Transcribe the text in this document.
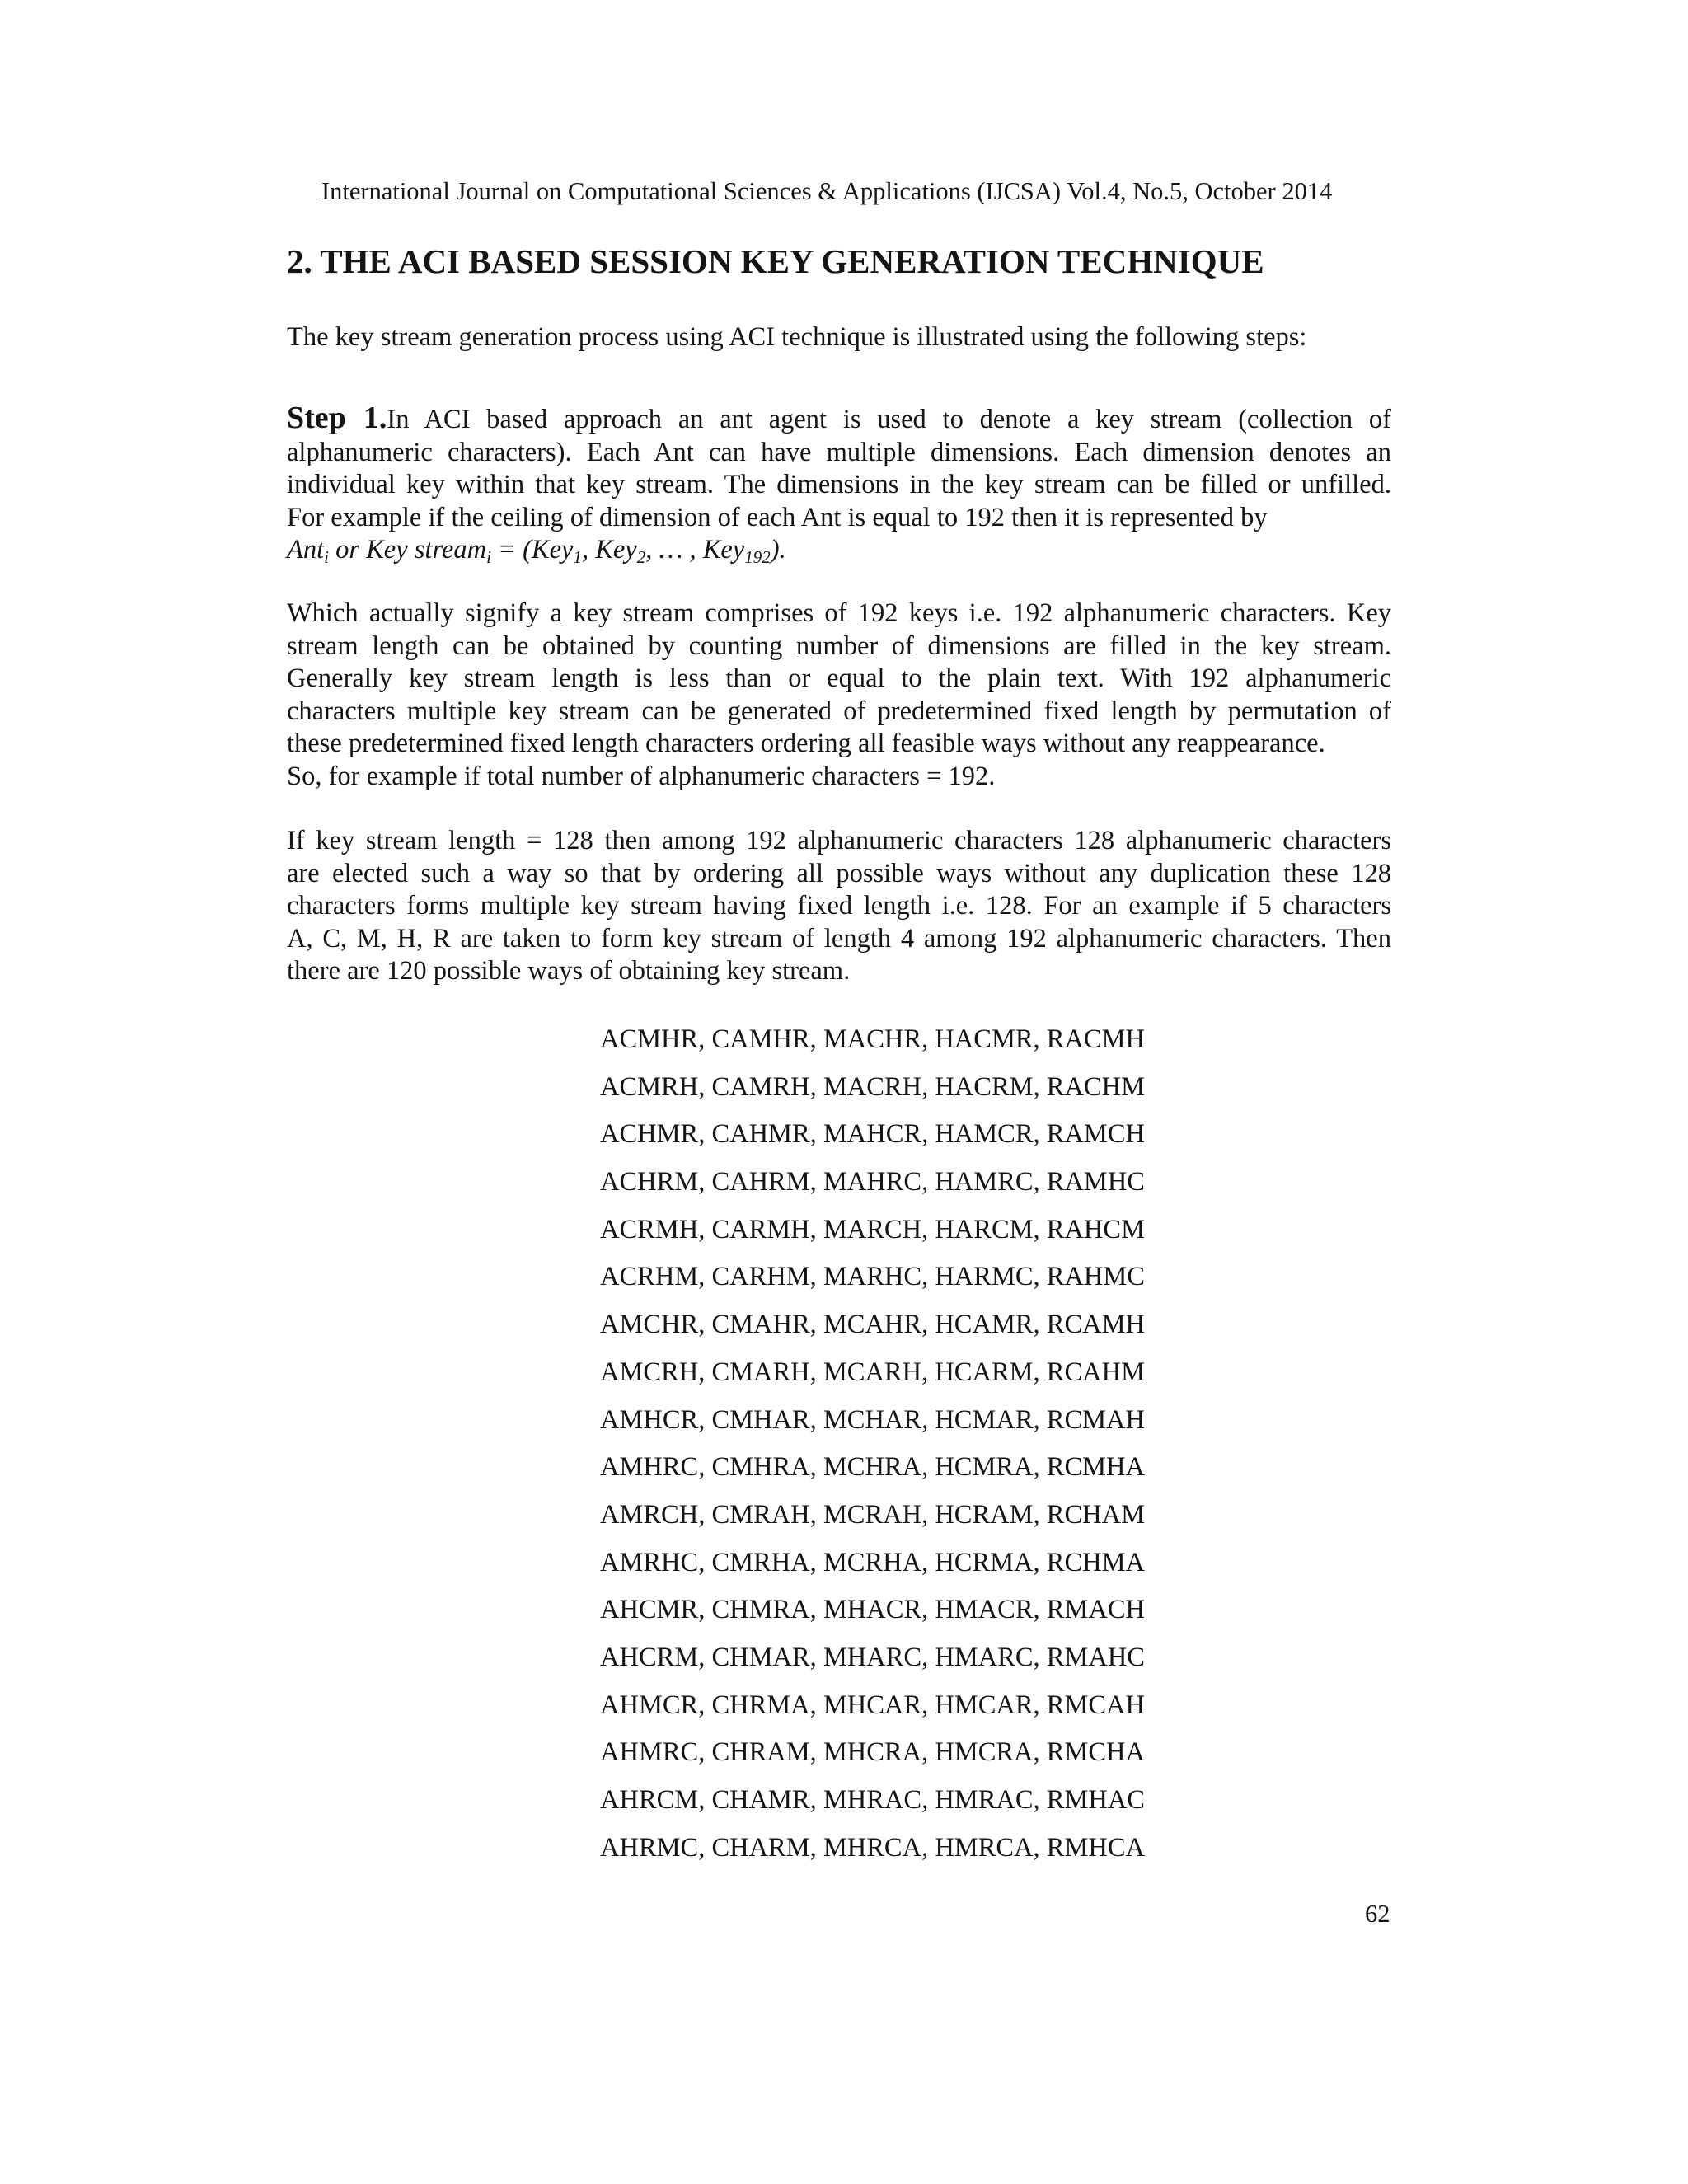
International Journal on Computational Sciences & Applications (IJCSA) Vol.4, No.5, October 2014
2. THE ACI BASED SESSION KEY GENERATION TECHNIQUE

The key stream generation process using ACI technique is illustrated using the following steps:

Step 1.In ACI based approach an ant agent is used to denote a key stream (collection of
alphanumeric characters). Each Ant can have multiple dimensions. Each dimension denotes an
individual key within that key stream. The dimensions in the key stream can be filled or unfilled.
For example if the ceiling of dimension of each Ant is equal to 192 then it is represented by
Ant$_i$ or Key stream$_i$ = (Key$_1$, Key$_2$, … , Key$_{192}$).
Which actually signify a key stream comprises of 192 keys i.e. 192 alphanumeric characters. Key
stream length can be obtained by counting number of dimensions are filled in the key stream.
Generally key stream length is less than or equal to the plain text. With 192 alphanumeric
characters multiple key stream can be generated of predetermined fixed length by permutation of
these predetermined fixed length characters ordering all feasible ways without any reappearance.
So, for example if total number of alphanumeric characters = 192.
If key stream length = 128 then among 192 alphanumeric characters 128 alphanumeric characters
are elected such a way so that by ordering all possible ways without any duplication these 128
characters forms multiple key stream having fixed length i.e. 128. For an example if 5 characters
A, C, M, H, R are taken to form key stream of length 4 among 192 alphanumeric characters. Then
there are 120 possible ways of obtaining key stream.
ACMHR, CAMHR, MACHR, HACMR, RACMH
ACMRH, CAMRH, MACRH, HACRM, RACHM
ACHMR, CAHMR, MAHCR, HAMCR, RAMCH
ACHRM, CAHRM, MAHRC, HAMRC, RAMHC
ACRMH, CARMH, MARCH, HARCM, RAHCM
ACRHM, CARHM, MARHC, HARMC, RAHMC
AMCHR, CMAHR, MCAHR, HCAMR, RCAMH
AMCRH, CMARH, MCARH, HCARM, RCAHM
AMHCR, CMHAR, MCHAR, HCMAR, RCMAH
AMHRC, CMHRA, MCHRA, HCMRA, RCMHA
AMRCH, CMRAH, MCRAH, HCRAM, RCHAM
AMRHC, CMRHA, MCRHA, HCRMA, RCHMA
AHCMR, CHMRA, MHACR, HMACR, RMACH
AHCRM, CHMAR, MHARC, HMARC, RMAHC
AHMCR, CHRMA, MHCAR, HMCAR, RMCAH
AHMRC, CHRAM, MHCRA, HMCRA, RMCHA
AHRCM, CHAMR, MHRAC, HMRAC, RMHAC
AHRMC, CHARM, MHRCA, HMRCA, RMHCA
62
